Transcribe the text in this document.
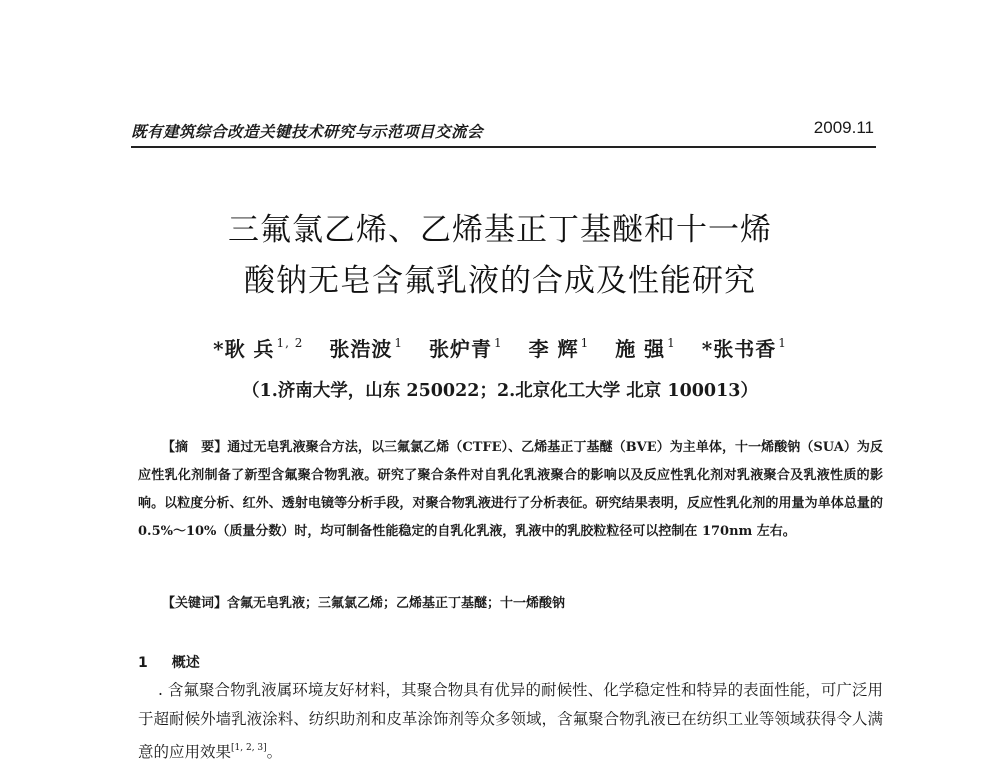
既有建筑综合改造关键技术研究与示范项目交流会	2009.11
三氟氯乙烯、乙烯基正丁基醚和十一烯
酸钠无皂含氟乳液的合成及性能研究
*耿 兵 $^{1, 2}$ 张浩波 $^1$ 张炉青 $^1$ 李 辉 $^1$ 施 强 $^1$ *张书香 $^1$
（1.济南大学，山东 250022；2.北京化工大学 北京 100013）
【摘　要】通过无皂乳液聚合方法，以三氟氯乙烯（CTFE）、乙烯基正丁基醚（BVE）为主单体，十一烯酸钠（SUA）为反应性乳化剂制备了新型含氟聚合物乳液。研究了聚合条件对自乳化乳液聚合的影响以及反应性乳化剂对乳液聚合及乳液性质的影响。以粒度分析、红外、透射电镜等分析手段，对聚合物乳液进行了分析表征。研究结果表明，反应性乳化剂的用量为单体总量的 0.5%～10%（质量分数）时，均可制备性能稳定的自乳化乳液，乳液中的乳胶粒粒径可以控制在 170nm 左右。
【关键词】含氟无皂乳液；三氟氯乙烯；乙烯基正丁基醚；十一烯酸钠
1 概述
. 含氟聚合物乳液属环境友好材料，其聚合物具有优异的耐候性、化学稳定性和特异的表面性能，可广泛用于超耐候外墙乳液涂料、纺织助剂和皮革涂饰剂等众多领域，含氟聚合物乳液已在纺织工业等领域获得令人满意的应用效果[1, 2, 3]。
